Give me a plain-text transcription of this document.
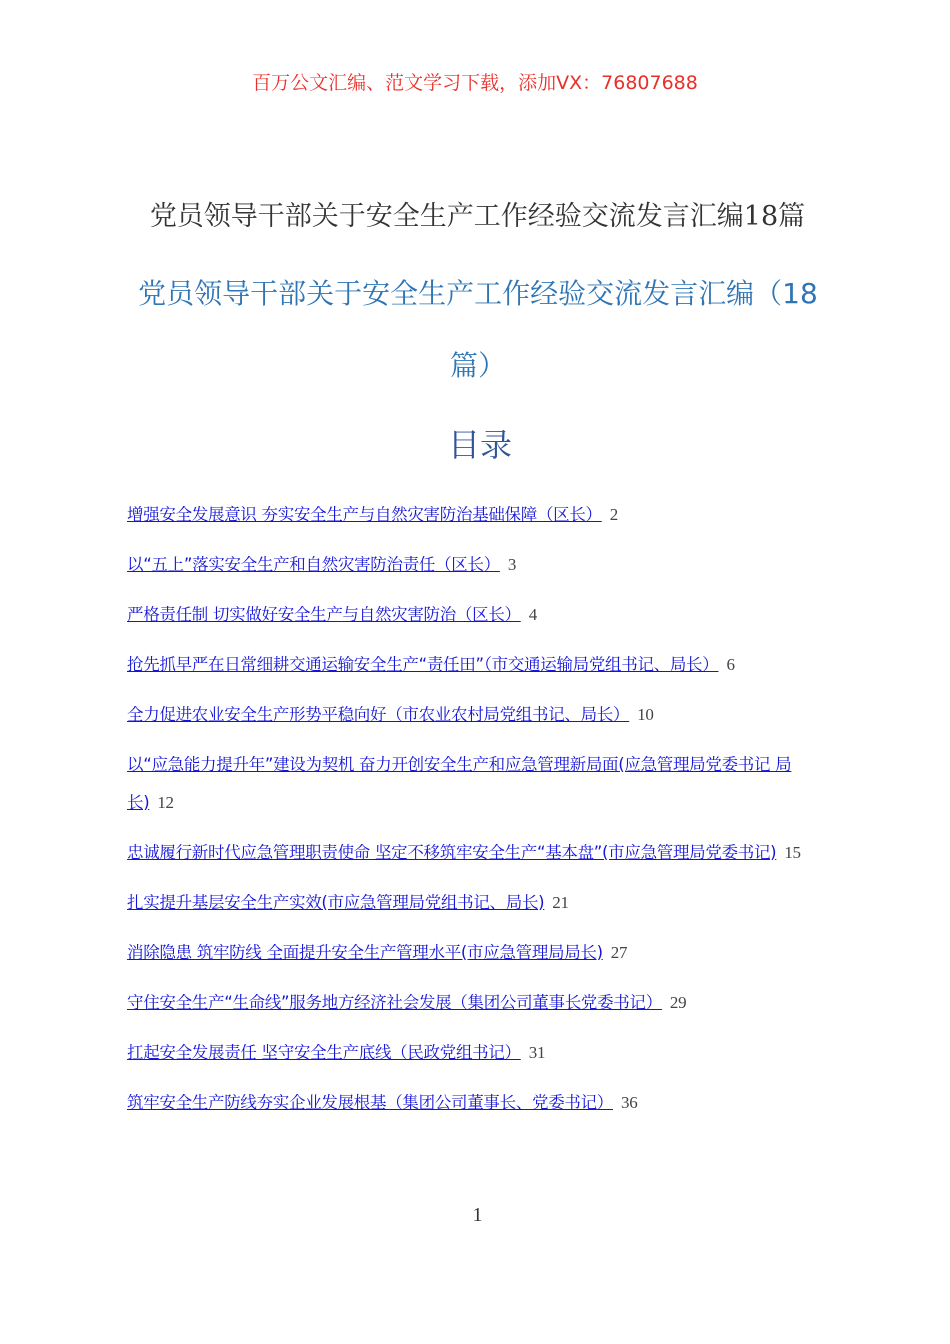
百万公文汇编、范文学习下载，添加VX：76807688
党员领导干部关于安全生产工作经验交流发言汇编18篇
党员领导干部关于安全生产工作经验交流发言汇编（18篇）
目录
增强安全发展意识 夯实安全生产与自然灾害防治基础保障（区长） 2
以“五上”落实安全生产和自然灾害防治责任（区长） 3
严格责任制 切实做好安全生产与自然灾害防治（区长） 4
抢先抓早严在日常细耕交通运输安全生产“责任田”（市交通运输局党组书记、局长） 6
全力促进农业安全生产形势平稳向好（市农业农村局党组书记、局长） 10
以“应急能力提升年”建设为契机 奋力开创安全生产和应急管理新局面(应急管理局党委书记 局长) 12
忠诚履行新时代应急管理职责使命 坚定不移筑牢安全生产“基本盘”(市应急管理局党委书记) 15
扎实提升基层安全生产实效(市应急管理局党组书记、局长) 21
消除隐患 筑牢防线 全面提升安全生产管理水平(市应急管理局局长) 27
守住安全生产“生命线”服务地方经济社会发展（集团公司董事长党委书记） 29
扛起安全发展责任 坚守安全生产底线（民政党组书记） 31
筑牢安全生产防线夯实企业发展根基（集团公司董事长、党委书记） 36
1
